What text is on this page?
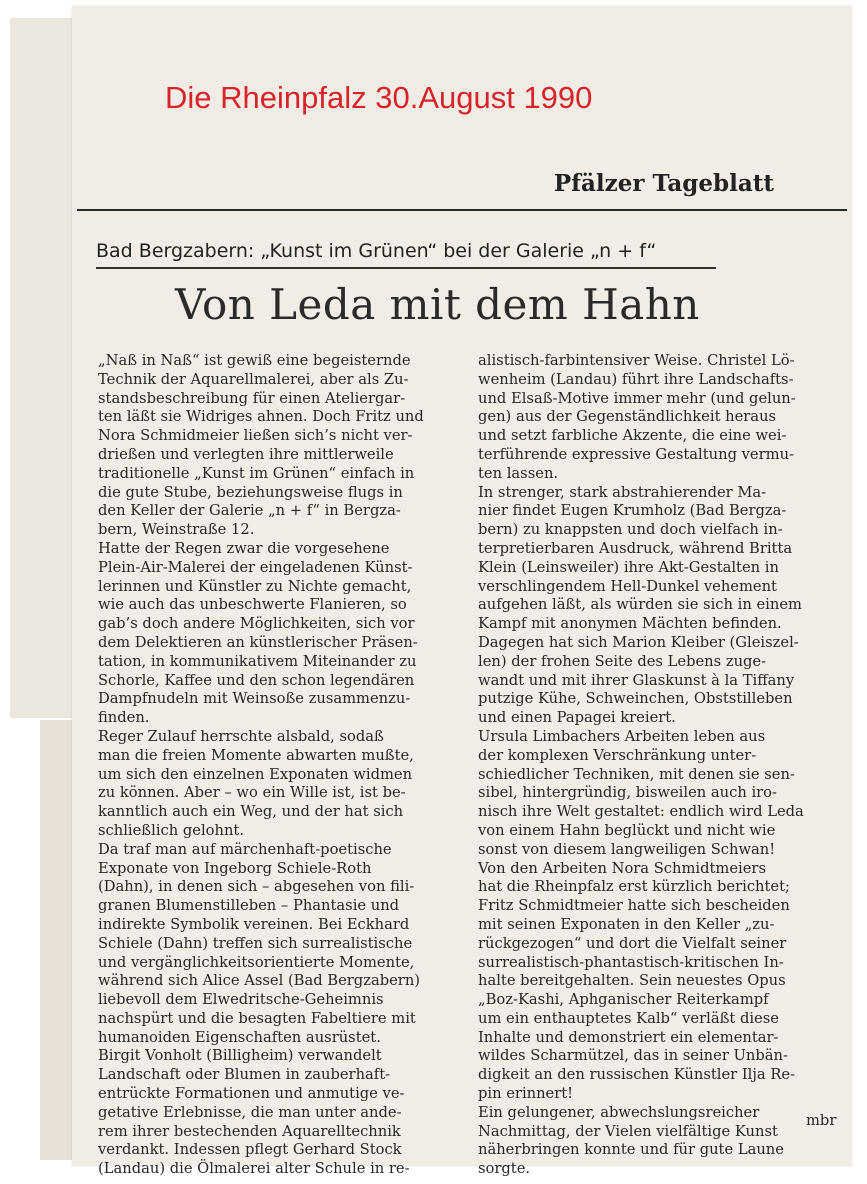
Die Rheinpfalz 30.August 1990
Pfälzer Tageblatt
Bad Bergzabern: „Kunst im Grünen“ bei der Galerie „n + f“
Von Leda mit dem Hahn
„Naß in Naß“ ist gewiß eine begeisternde
Technik der Aquarellmalerei, aber als Zu-
standsbeschreibung für einen Ateliergar-
ten läßt sie Widriges ahnen. Doch Fritz und
Nora Schmidmeier ließen sich’s nicht ver-
drießen und verlegten ihre mittlerweile
traditionelle „Kunst im Grünen“ einfach in
die gute Stube, beziehungsweise flugs in
den Keller der Galerie „n + f“ in Bergza-
bern, Weinstraße 12.
Hatte der Regen zwar die vorgesehene
Plein-Air-Malerei der eingeladenen Künst-
lerinnen und Künstler zu Nichte gemacht,
wie auch das unbeschwerte Flanieren, so
gab’s doch andere Möglichkeiten, sich vor
dem Delektieren an künstlerischer Präsen-
tation, in kommunikativem Miteinander zu
Schorle, Kaffee und den schon legendären
Dampfnudeln mit Weinsoße zusammenzu-
finden.
Reger Zulauf herrschte alsbald, sodaß
man die freien Momente abwarten mußte,
um sich den einzelnen Exponaten widmen
zu können. Aber – wo ein Wille ist, ist be-
kanntlich auch ein Weg, und der hat sich
schließlich gelohnt.
Da traf man auf märchenhaft-poetische
Exponate von Ingeborg Schiele-Roth
(Dahn), in denen sich – abgesehen von fili-
granen Blumenstilleben – Phantasie und
indirekte Symbolik vereinen. Bei Eckhard
Schiele (Dahn) treffen sich surrealistische
und vergänglichkeitsorientierte Momente,
während sich Alice Assel (Bad Bergzabern)
liebevoll dem Elwedritsche-Geheimnis
nachspürt und die besagten Fabeltiere mit
humanoiden Eigenschaften ausrüstet.
Birgit Vonholt (Billigheim) verwandelt
Landschaft oder Blumen in zauberhaft-
entrückte Formationen und anmutige ve-
getative Erlebnisse, die man unter ande-
rem ihrer bestechenden Aquarelltechnik
verdankt. Indessen pflegt Gerhard Stock
(Landau) die Ölmalerei alter Schule in re-
alistisch-farbintensiver Weise. Christel Lö-
wenheim (Landau) führt ihre Landschafts-
und Elsaß-Motive immer mehr (und gelun-
gen) aus der Gegenständlichkeit heraus
und setzt farbliche Akzente, die eine wei-
terführende expressive Gestaltung vermu-
ten lassen.
In strenger, stark abstrahierender Ma-
nier findet Eugen Krumholz (Bad Bergza-
bern) zu knappsten und doch vielfach in-
terpretierbaren Ausdruck, während Britta
Klein (Leinsweiler) ihre Akt-Gestalten in
verschlingendem Hell-Dunkel vehement
aufgehen läßt, als würden sie sich in einem
Kampf mit anonymen Mächten befinden.
Dagegen hat sich Marion Kleiber (Gleiszel-
len) der frohen Seite des Lebens zuge-
wandt und mit ihrer Glaskunst à la Tiffany
putzige Kühe, Schweinchen, Obststilleben
und einen Papagei kreiert.
Ursula Limbachers Arbeiten leben aus
der komplexen Verschränkung unter-
schiedlicher Techniken, mit denen sie sen-
sibel, hintergründig, bisweilen auch iro-
nisch ihre Welt gestaltet: endlich wird Leda
von einem Hahn beglückt und nicht wie
sonst von diesem langweiligen Schwan!
Von den Arbeiten Nora Schmidtmeiers
hat die Rheinpfalz erst kürzlich berichtet;
Fritz Schmidtmeier hatte sich bescheiden
mit seinen Exponaten in den Keller „zu-
rückgezogen“ und dort die Vielfalt seiner
surrealistisch-phantastisch-kritischen In-
halte bereitgehalten. Sein neuestes Opus
„Boz-Kashi, Aphganischer Reiterkampf
um ein enthauptetes Kalb“ verläßt diese
Inhalte und demonstriert ein elementar-
wildes Scharmützel, das in seiner Unbän-
digkeit an den russischen Künstler Ilja Re-
pin erinnert!
Ein gelungener, abwechslungsreicher
Nachmittag, der Vielen vielfältige Kunst
näherbringen konnte und für gute Laune
sorgte.
mbr
